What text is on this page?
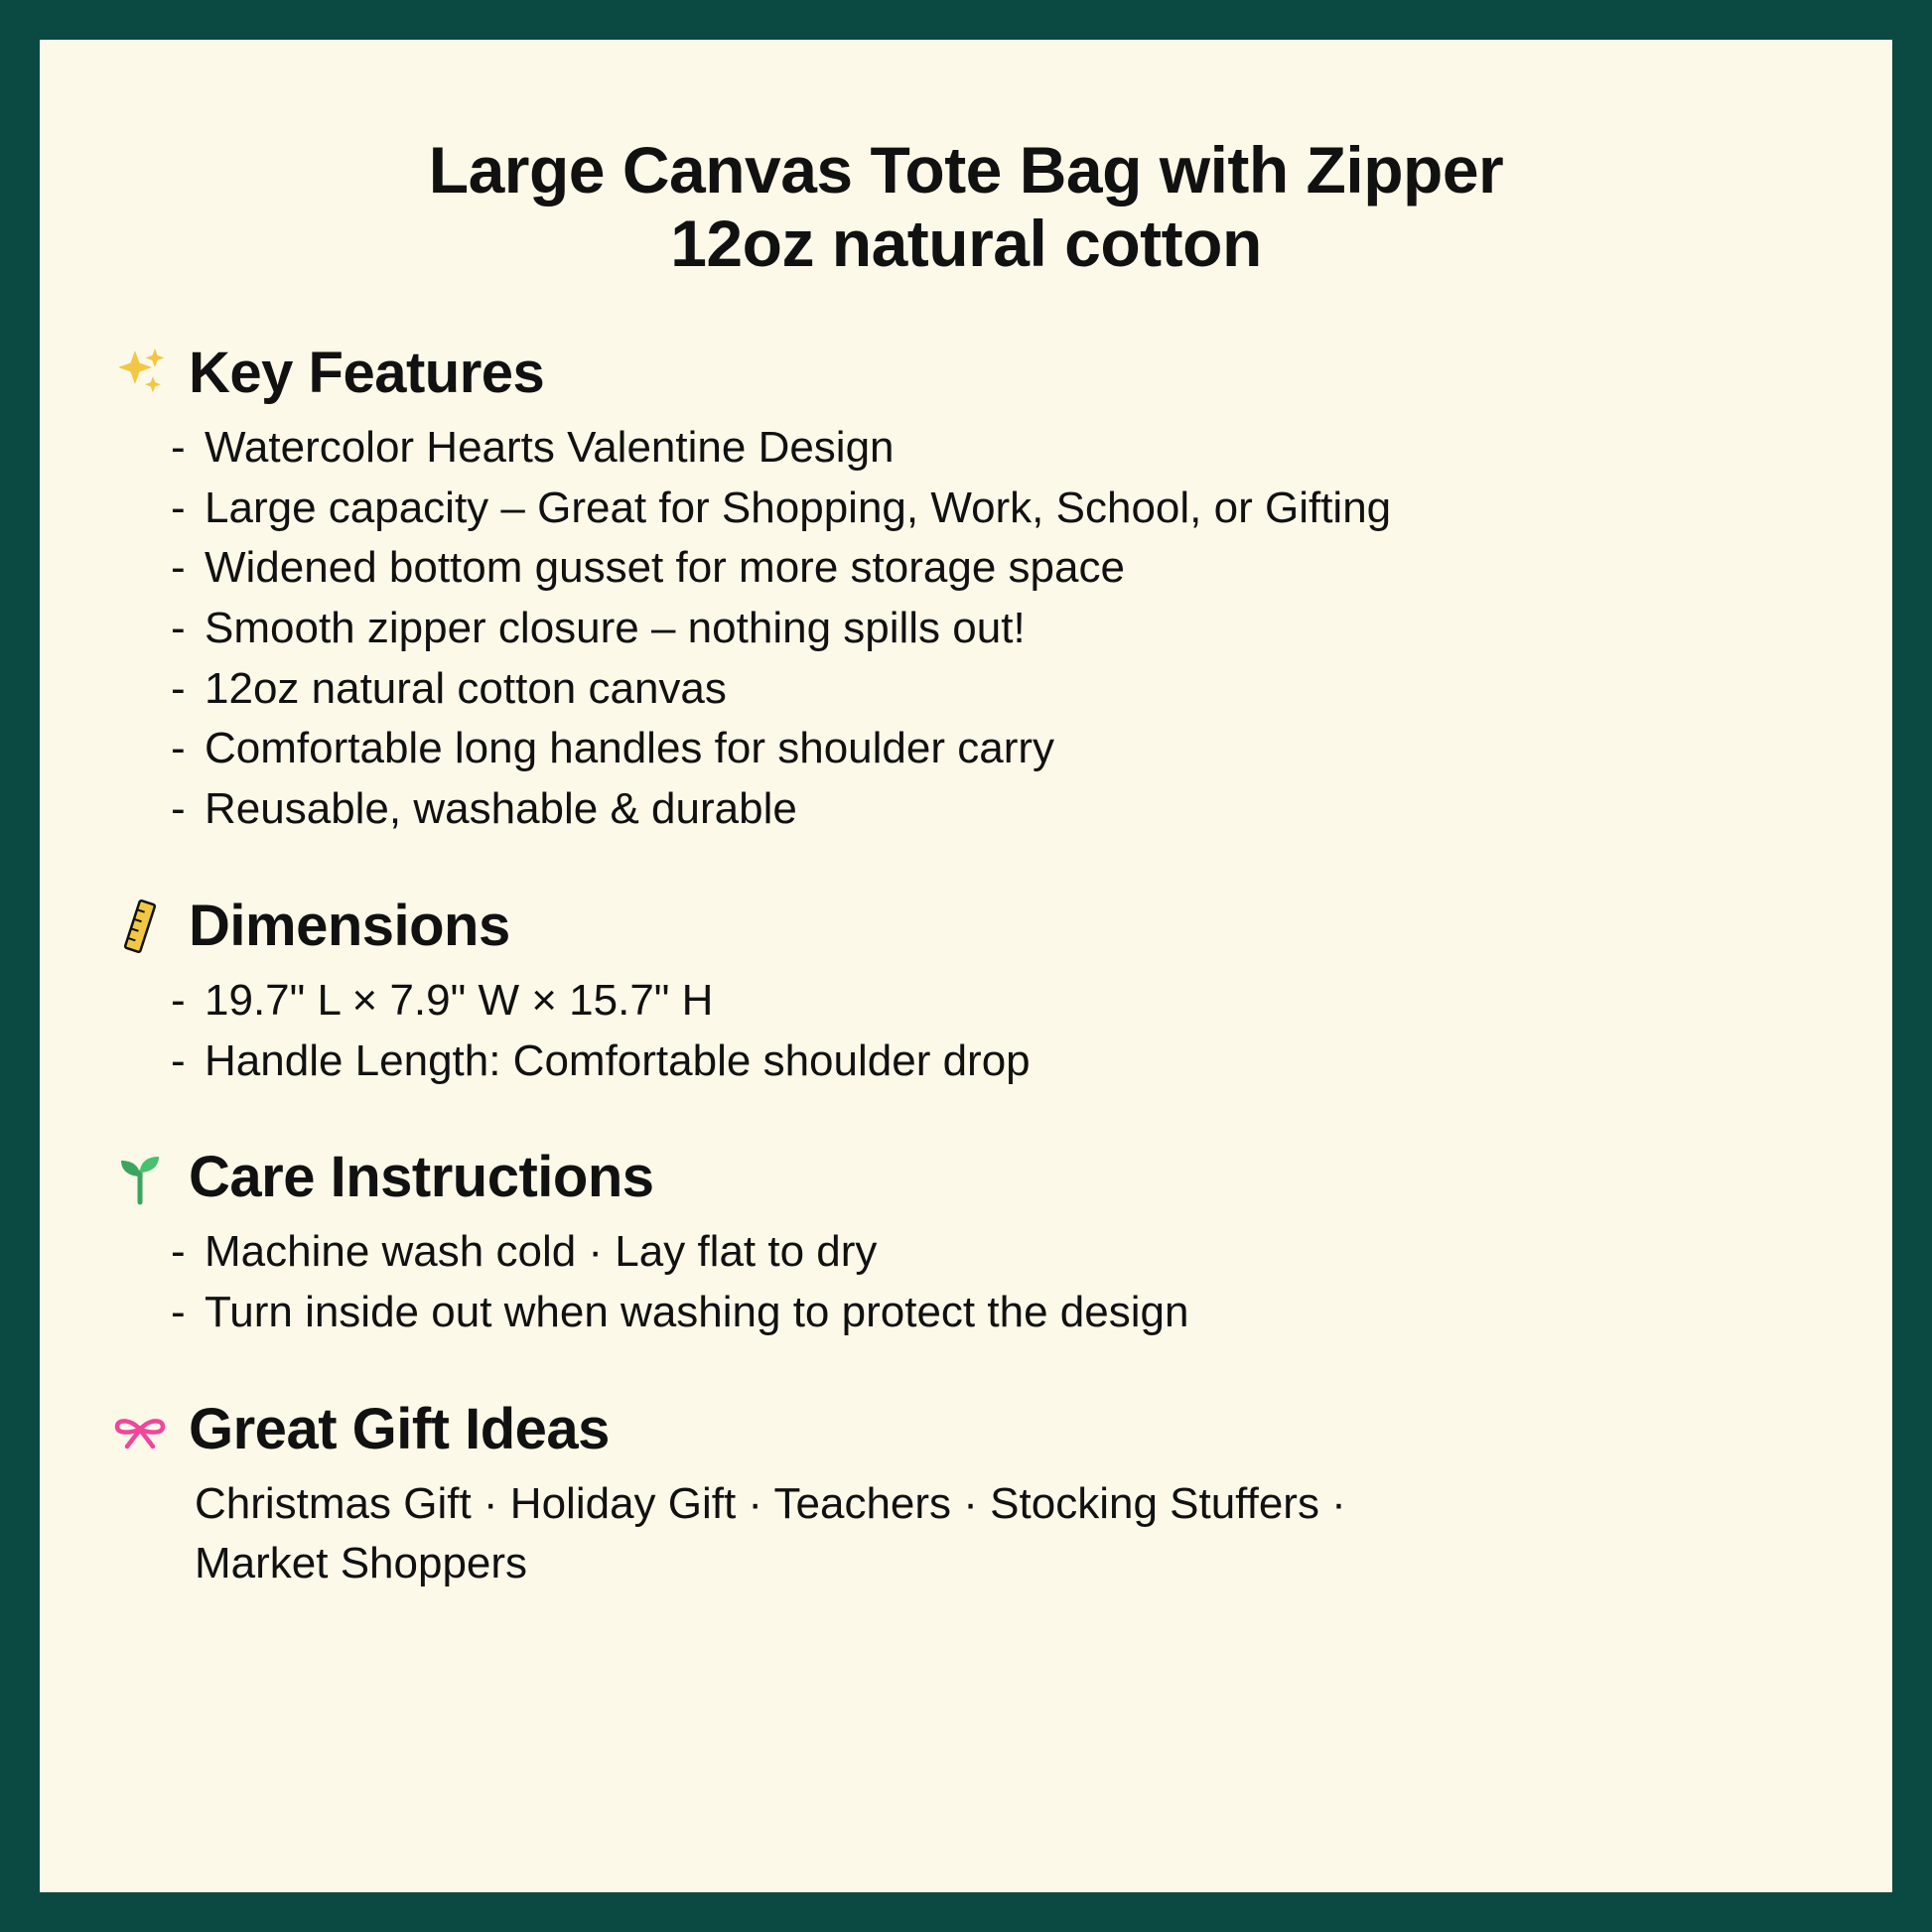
Large Canvas Tote Bag with Zipper
12oz natural cotton
Key Features
- Watercolor Hearts Valentine Design
- Large capacity – Great for Shopping, Work, School, or Gifting
- Widened bottom gusset for more storage space
- Smooth zipper closure – nothing spills out!
- 12oz natural cotton canvas
- Comfortable long handles for shoulder carry
- Reusable, washable & durable
Dimensions
- 19.7" L × 7.9" W × 15.7" H
- Handle Length: Comfortable shoulder drop
Care Instructions
- Machine wash cold · Lay flat to dry
- Turn inside out when washing to protect the design
Great Gift Ideas
Christmas Gift · Holiday Gift · Teachers · Stocking Stuffers · Market Shoppers
